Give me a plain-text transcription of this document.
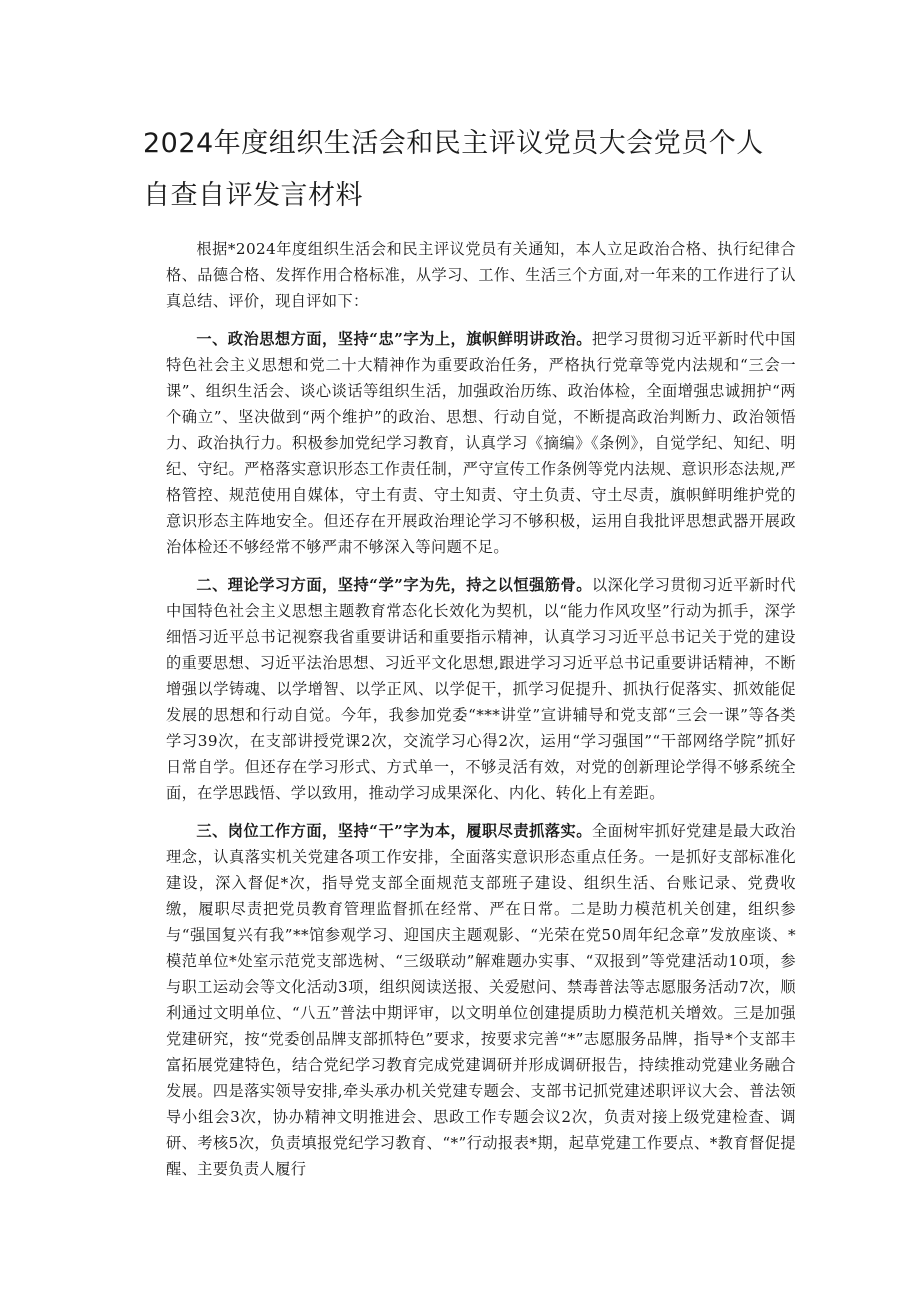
2024年度组织生活会和民主评议党员大会党员个人自查自评发言材料

根据*2024年度组织生活会和民主评议党员有关通知，本人立足政治合格、执行纪律合格、品德合格、发挥作用合格标准，从学习、工作、生活三个方面,对一年来的工作进行了认真总结、评价，现自评如下：

一、政治思想方面，坚持“忠”字为上，旗帜鲜明讲政治。把学习贯彻习近平新时代中国特色社会主义思想和党二十大精神作为重要政治任务，严格执行党章等党内法规和“三会一课”、组织生活会、谈心谈话等组织生活，加强政治历练、政治体检，全面增强忠诚拥护“两个确立”、坚决做到“两个维护”的政治、思想、行动自觉，不断提高政治判断力、政治领悟力、政治执行力。积极参加党纪学习教育，认真学习《摘编》《条例》，自觉学纪、知纪、明纪、守纪。严格落实意识形态工作责任制，严守宣传工作条例等党内法规、意识形态法规,严格管控、规范使用自媒体，守土有责、守土知责、守土负责、守土尽责，旗帜鲜明维护党的意识形态主阵地安全。但还存在开展政治理论学习不够积极，运用自我批评思想武器开展政治体检还不够经常不够严肃不够深入等问题不足。

二、理论学习方面，坚持“学”字为先，持之以恒强筋骨。以深化学习贯彻习近平新时代中国特色社会主义思想主题教育常态化长效化为契机，以“能力作风攻坚”行动为抓手，深学细悟习近平总书记视察我省重要讲话和重要指示精神，认真学习习近平总书记关于党的建设的重要思想、习近平法治思想、习近平文化思想,跟进学习习近平总书记重要讲话精神，不断增强以学铸魂、以学增智、以学正风、以学促干，抓学习促提升、抓执行促落实、抓效能促发展的思想和行动自觉。今年，我参加党委“***讲堂”宣讲辅导和党支部“三会一课”等各类学习39次，在支部讲授党课2次，交流学习心得2次，运用“学习强国”“干部网络学院”抓好日常自学。但还存在学习形式、方式单一，不够灵活有效，对党的创新理论学得不够系统全面，在学思践悟、学以致用，推动学习成果深化、内化、转化上有差距。

三、岗位工作方面，坚持“干”字为本，履职尽责抓落实。全面树牢抓好党建是最大政治理念，认真落实机关党建各项工作安排，全面落实意识形态重点任务。一是抓好支部标准化建设，深入督促*次，指导党支部全面规范支部班子建设、组织生活、台账记录、党费收缴，履职尽责把党员教育管理监督抓在经常、严在日常。二是助力模范机关创建，组织参与“强国复兴有我”**馆参观学习、迎国庆主题观影、“光荣在党50周年纪念章”发放座谈、*模范单位*处室示范党支部选树、“三级联动”解难题办实事、“双报到”等党建活动10项，参与职工运动会等文化活动3项，组织阅读送报、关爱慰问、禁毒普法等志愿服务活动7次，顺利通过文明单位、“八五”普法中期评审，以文明单位创建提质助力模范机关增效。三是加强党建研究，按“党委创品牌支部抓特色”要求，按要求完善“*”志愿服务品牌，指导*个支部丰富拓展党建特色，结合党纪学习教育完成党建调研并形成调研报告，持续推动党建业务融合发展。四是落实领导安排,牵头承办机关党建专题会、支部书记抓党建述职评议大会、普法领导小组会3次，协办精神文明推进会、思政工作专题会议2次，负责对接上级党建检查、调研、考核5次，负责填报党纪学习教育、“*”行动报表*期，起草党建工作要点、*教育督促提醒、主要负责人履行
